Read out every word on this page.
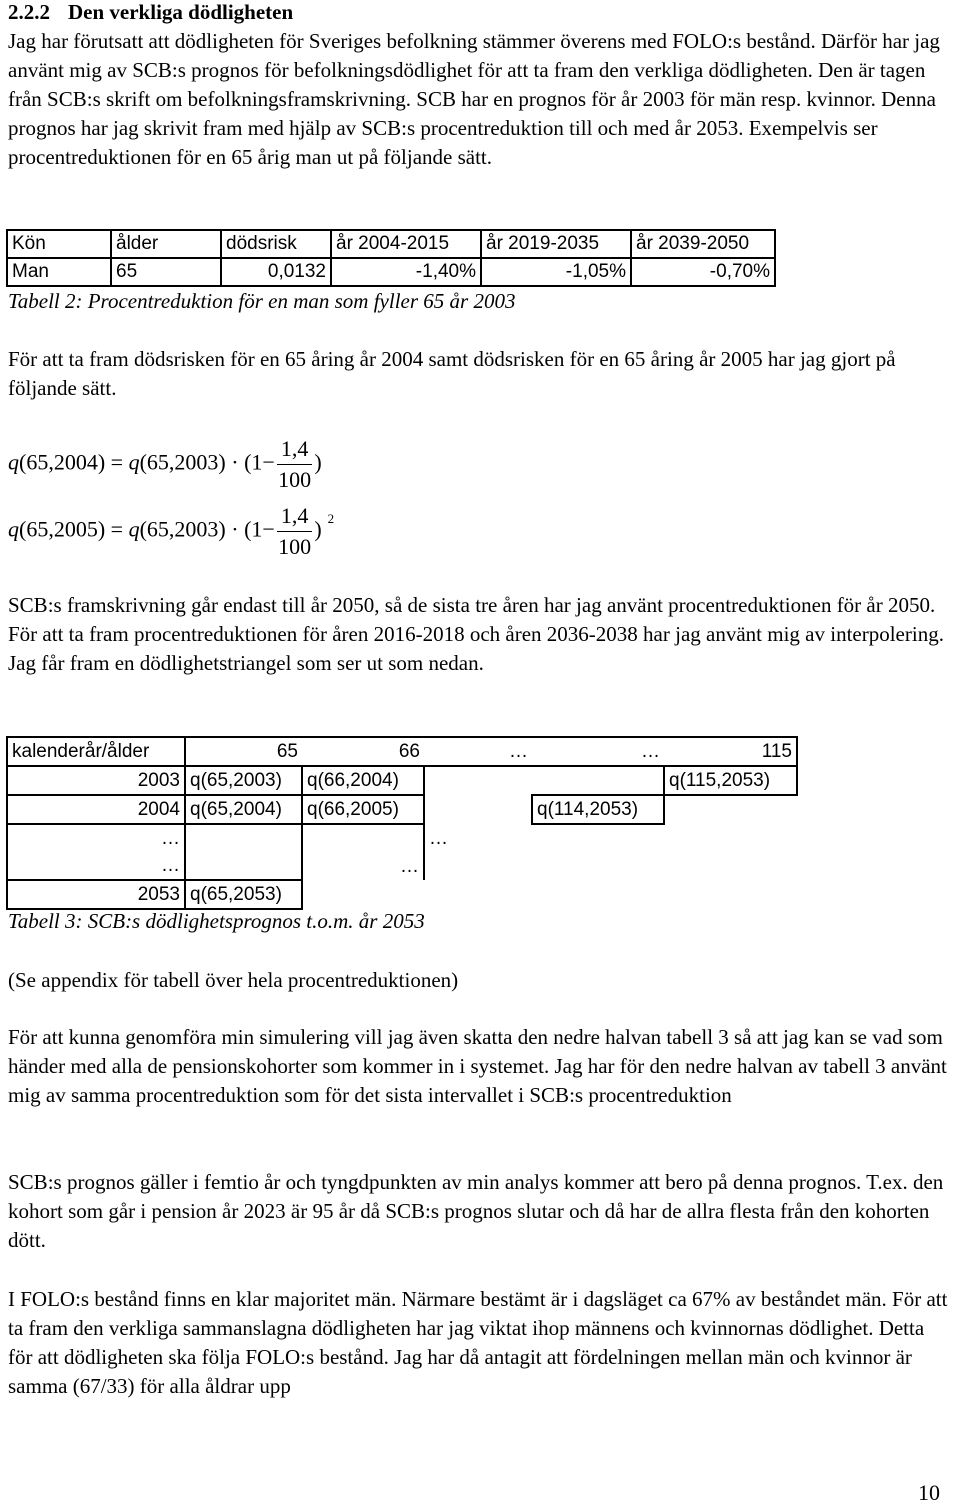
2.2.2 Den verkliga dödligheten

Jag har förutsatt att dödligheten för Sveriges befolkning stämmer överens med FOLO:s bestånd. Därför har jag använt mig av SCB:s prognos för befolkningsdödlighet för att ta fram den verkliga dödligheten. Den är tagen från SCB:s skrift om befolkningsframskrivning. SCB har en prognos för år 2003 för män resp. kvinnor. Denna prognos har jag skrivit fram med hjälp av SCB:s procentreduktion till och med år 2053. Exempelvis ser procentreduktionen för en 65 årig man ut på följande sätt.

Kön	ålder	dödsrisk	år 2004-2015	år 2019-2035	år 2039-2050
Man	65	0,0132	-1,40%	-1,05%	-0,70%
Tabell 2: Procentreduktion för en man som fyller 65 år 2003

För att ta fram dödsrisken för en 65 åring år 2004 samt dödsrisken för en 65 åring år 2005 har jag gjort på följande sätt.

$q(65,2004) = q(65,2003) \cdot (1- \frac{1,4}{100}$ )
$q(65,2005) = q(65,2003) \cdot (1- \frac{1,4}{100}$ ) $^2$

SCB:s framskrivning går endast till år 2050, så de sista tre åren har jag använt procentreduktionen för år 2050. För att ta fram procentreduktionen för åren 2016-2018 och åren 2036-2038 har jag använt mig av interpolering. Jag får fram en dödlighetstriangel som ser ut som nedan.

kalenderår/ålder	65	66	…	…	115
2003	q(65,2003)	q(66,2004)			q(115,2053)
2004	q(65,2004)	q(66,2005)		q(114,2053)	
…			…		
…		…			
2053	q(65,2053)				
Tabell 3: SCB:s dödlighetsprognos t.o.m. år 2053

(Se appendix för tabell över hela procentreduktionen)

För att kunna genomföra min simulering vill jag även skatta den nedre halvan tabell 3 så att jag kan se vad som händer med alla de pensionskohorter som kommer in i systemet. Jag har för den nedre halvan av tabell 3 använt mig av samma procentreduktion som för det sista intervallet i SCB:s procentreduktion

SCB:s prognos gäller i femtio år och tyngdpunkten av min analys kommer att bero på denna prognos. T.ex. den kohort som går i pension år 2023 är 95 år då SCB:s prognos slutar och då har de allra flesta från den kohorten dött.

I FOLO:s bestånd finns en klar majoritet män. Närmare bestämt är i dagsläget ca 67% av beståndet män. För att ta fram den verkliga sammanslagna dödligheten har jag viktat ihop männens och kvinnornas dödlighet. Detta för att dödligheten ska följa FOLO:s bestånd. Jag har då antagit att fördelningen mellan män och kvinnor är samma (67/33) för alla åldrar upp

10
